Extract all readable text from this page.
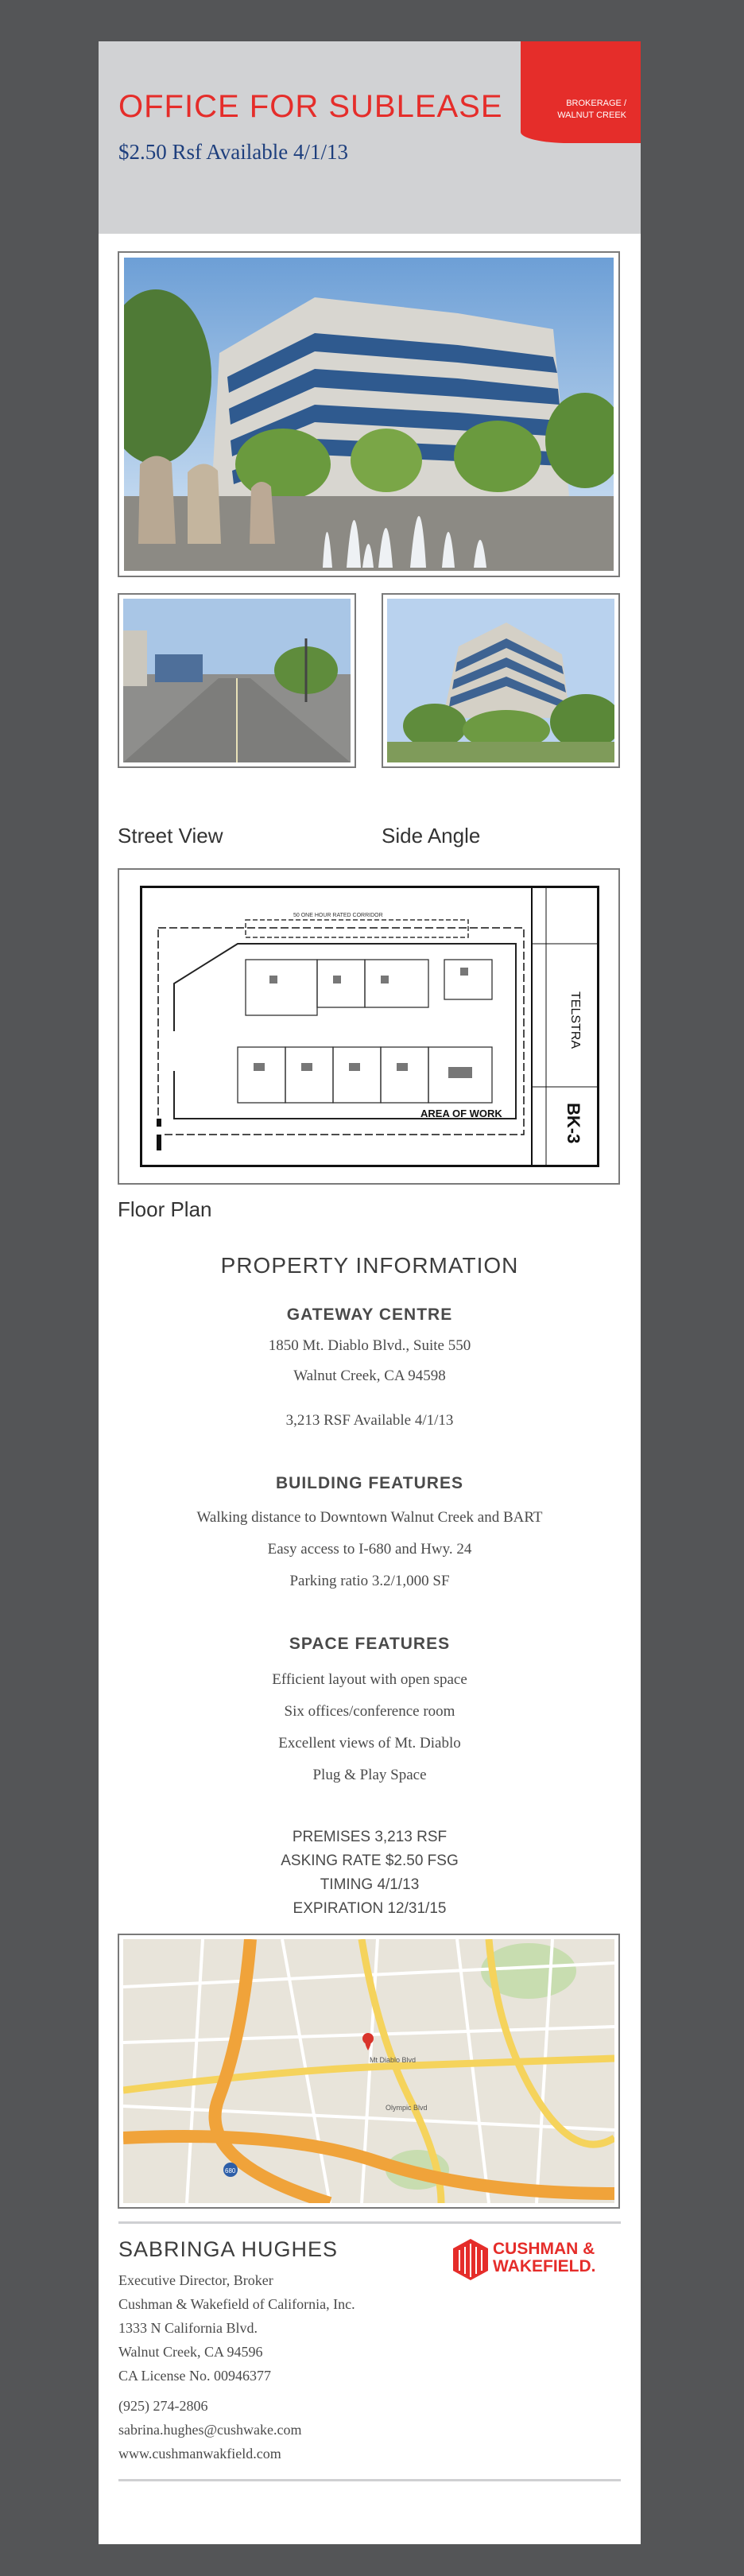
OFFICE FOR SUBLEASE
$2.50 Rsf Available 4/1/13
BROKERAGE /
WALNUT CREEK
Street View	Side Angle
TELSTRA
BK-3
50 ONE HOUR RATED CORRIDOR
AREA OF WORK
Floor Plan
PROPERTY INFORMATION
GATEWAY CENTRE
1850 Mt. Diablo Blvd., Suite 550
Walnut Creek, CA 94598
3,213 RSF Available 4/1/13
BUILDING FEATURES
Walking distance to Downtown Walnut Creek and BART
Easy access to I-680 and Hwy. 24
Parking ratio 3.2/1,000 SF
SPACE FEATURES
Efficient layout with open space
Six offices/conference room
Excellent views of Mt. Diablo
Plug & Play Space
PREMISES 3,213 RSF
ASKING RATE $2.50 FSG
TIMING 4/1/13
EXPIRATION 12/31/15
680
Mt Diablo Blvd
Olympic Blvd
SABRINGA HUGHES
Executive Director, Broker
Cushman & Wakefield of California, Inc.
1333 N California Blvd.
Walnut Creek, CA 94596
CA License No. 00946377
(925) 274-2806
sabrina.hughes@cushwake.com
www.cushmanwakfield.com
CUSHMAN &
WAKEFIELD.
